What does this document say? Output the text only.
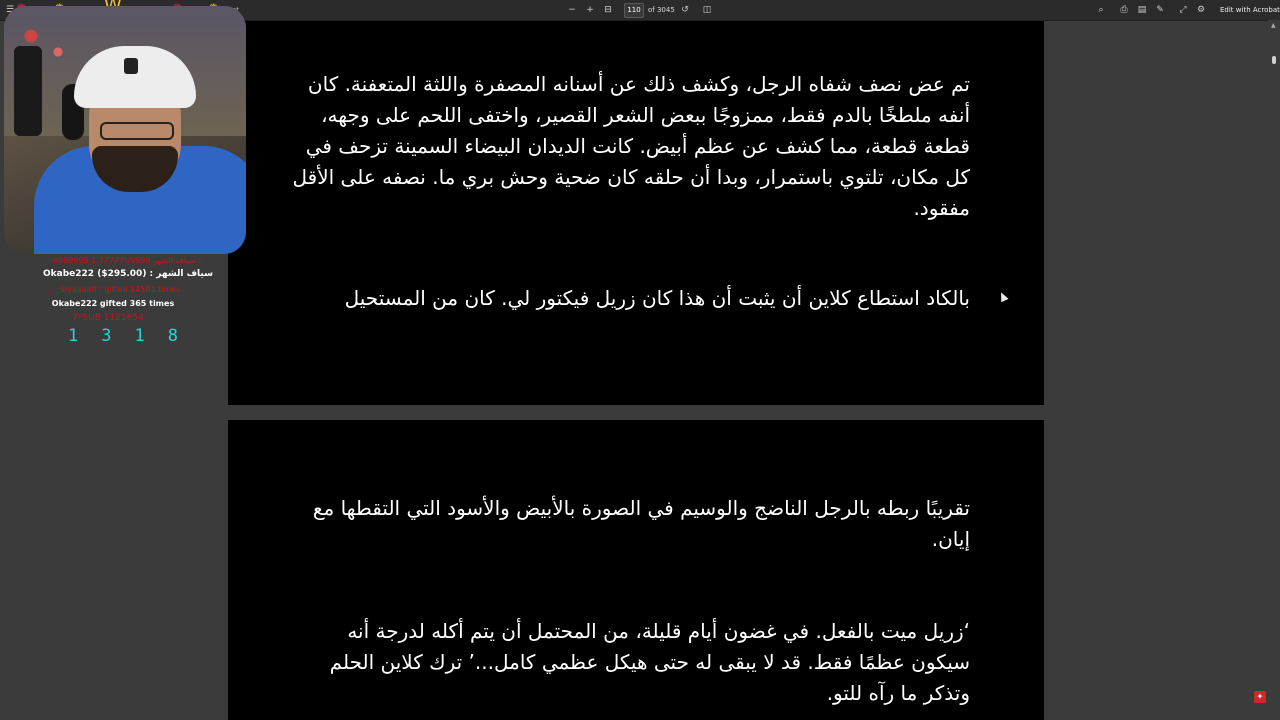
− + ⊟	110	of 3045 ↺ ◫	⌕	⎙ ▤ ✎ ⤢ ⚙ Edit with Acrobat
تم عض نصف شفاه الرجل، وكشف ذلك عن أسنانه المصفرة واللثة المتعفنة. كان أنفه ملطخًا بالدم فقط، ممزوجًا ببعض الشعر القصير، واختفى اللحم على وجهه، قطعة قطعة، مما كشف عن عظم أبيض. كانت الديدان البيضاء السمينة تزحف في كل مكان، تلتوي باستمرار، وبدا أن حلقه كان ضحية وحش بري ما. نصفه على الأقل مفقود.
بالكاد استطاع كلاين أن يثبت أن هذا كان زريل فيكتور لي. كان من المستحيل
تقريبًا ربطه بالرجل الناضج والوسيم في الصورة بالأبيض والأسود التي التقطها مع إيان.
‘زريل ميت بالفعل. في غضون أيام قليلة، من المحتمل أن يتم أكله لدرجة أنه سيكون عظمًا فقط. قد لا يبقى له حتى هيكل عظمي كامل...’ ترك كلاين الحلم وتذكر ما رآه للتو.
▲
✦
9999999 1 77777!/9999 ؛؛ سياف الشهر
Okabe222 ($295.00) : سياف الشهر
Siyaaaaff ؛ gifted 14501 times
Okabe222 gifted 365 times
7*SUB 1121654
1 3 1 8
